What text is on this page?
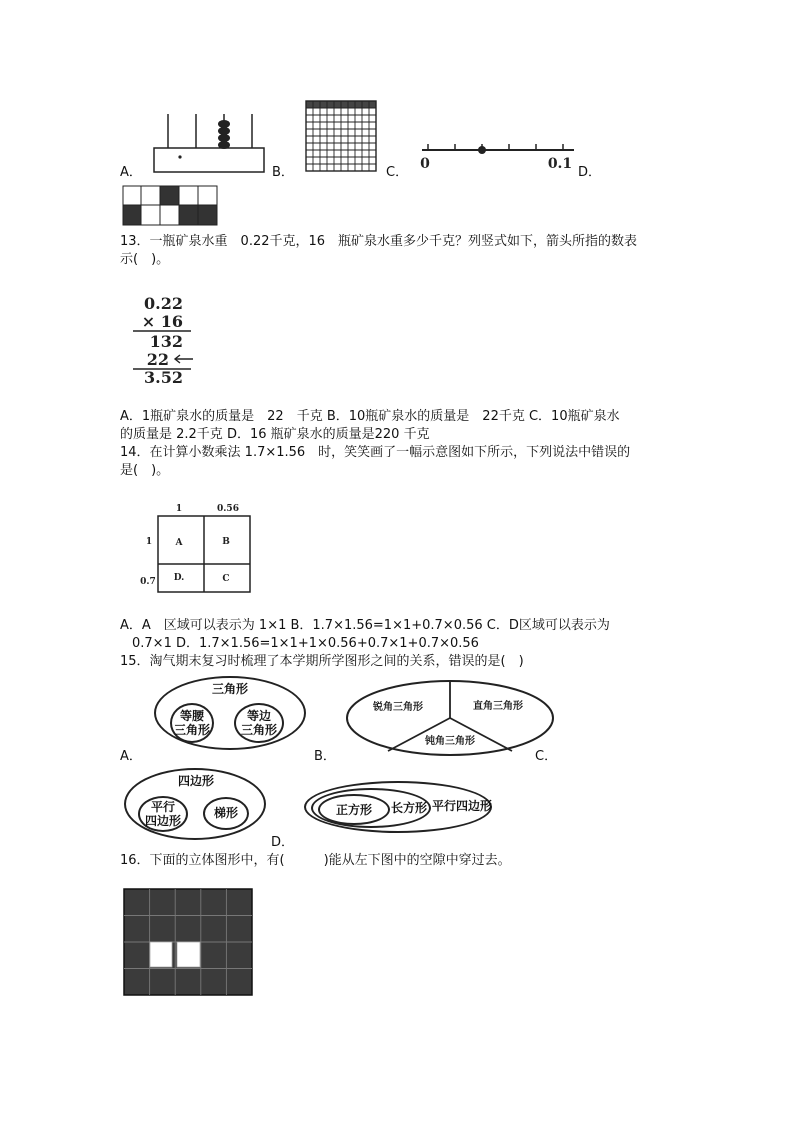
A．	B．
0	0.1
C．	D．
13．一瓶矿泉水重　0.22千克，16　瓶矿泉水重多少千克？列竖式如下，箭头所指的数表
示(　)。
0.22
× 16
132
22
3.52
A．1瓶矿泉水的质量是　22　千克 B．10瓶矿泉水的质量是　22千克 C．10瓶矿泉水
的质量是 2.2千克 D．16 瓶矿泉水的质量是220 千克
14．在计算小数乘法 1.7×1.56　时，笑笑画了一幅示意图如下所示，下列说法中错误的
是(　)。
1	0.56
1
0.7
A	B
D.	C
A．A　区域可以表示为 1×1 B．1.7×1.56=1×1+0.7×0.56 C．D区域可以表示为
0.7×1 D．1.7×1.56=1×1+1×0.56+0.7×1+0.7×0.56
15．淘气期末复习时梳理了本学期所学图形之间的关系，错误的是(　)
三角形
等腰
三角形
等边
三角形
A．
锐角三角形	直角三角形
钝角三角形
B．	C．
四边形
平行
四边形
梯形	正方形	长方形 平行四边形
D．
16．下面的立体图形中，有(　　　)能从左下图中的空隙中穿过去。
